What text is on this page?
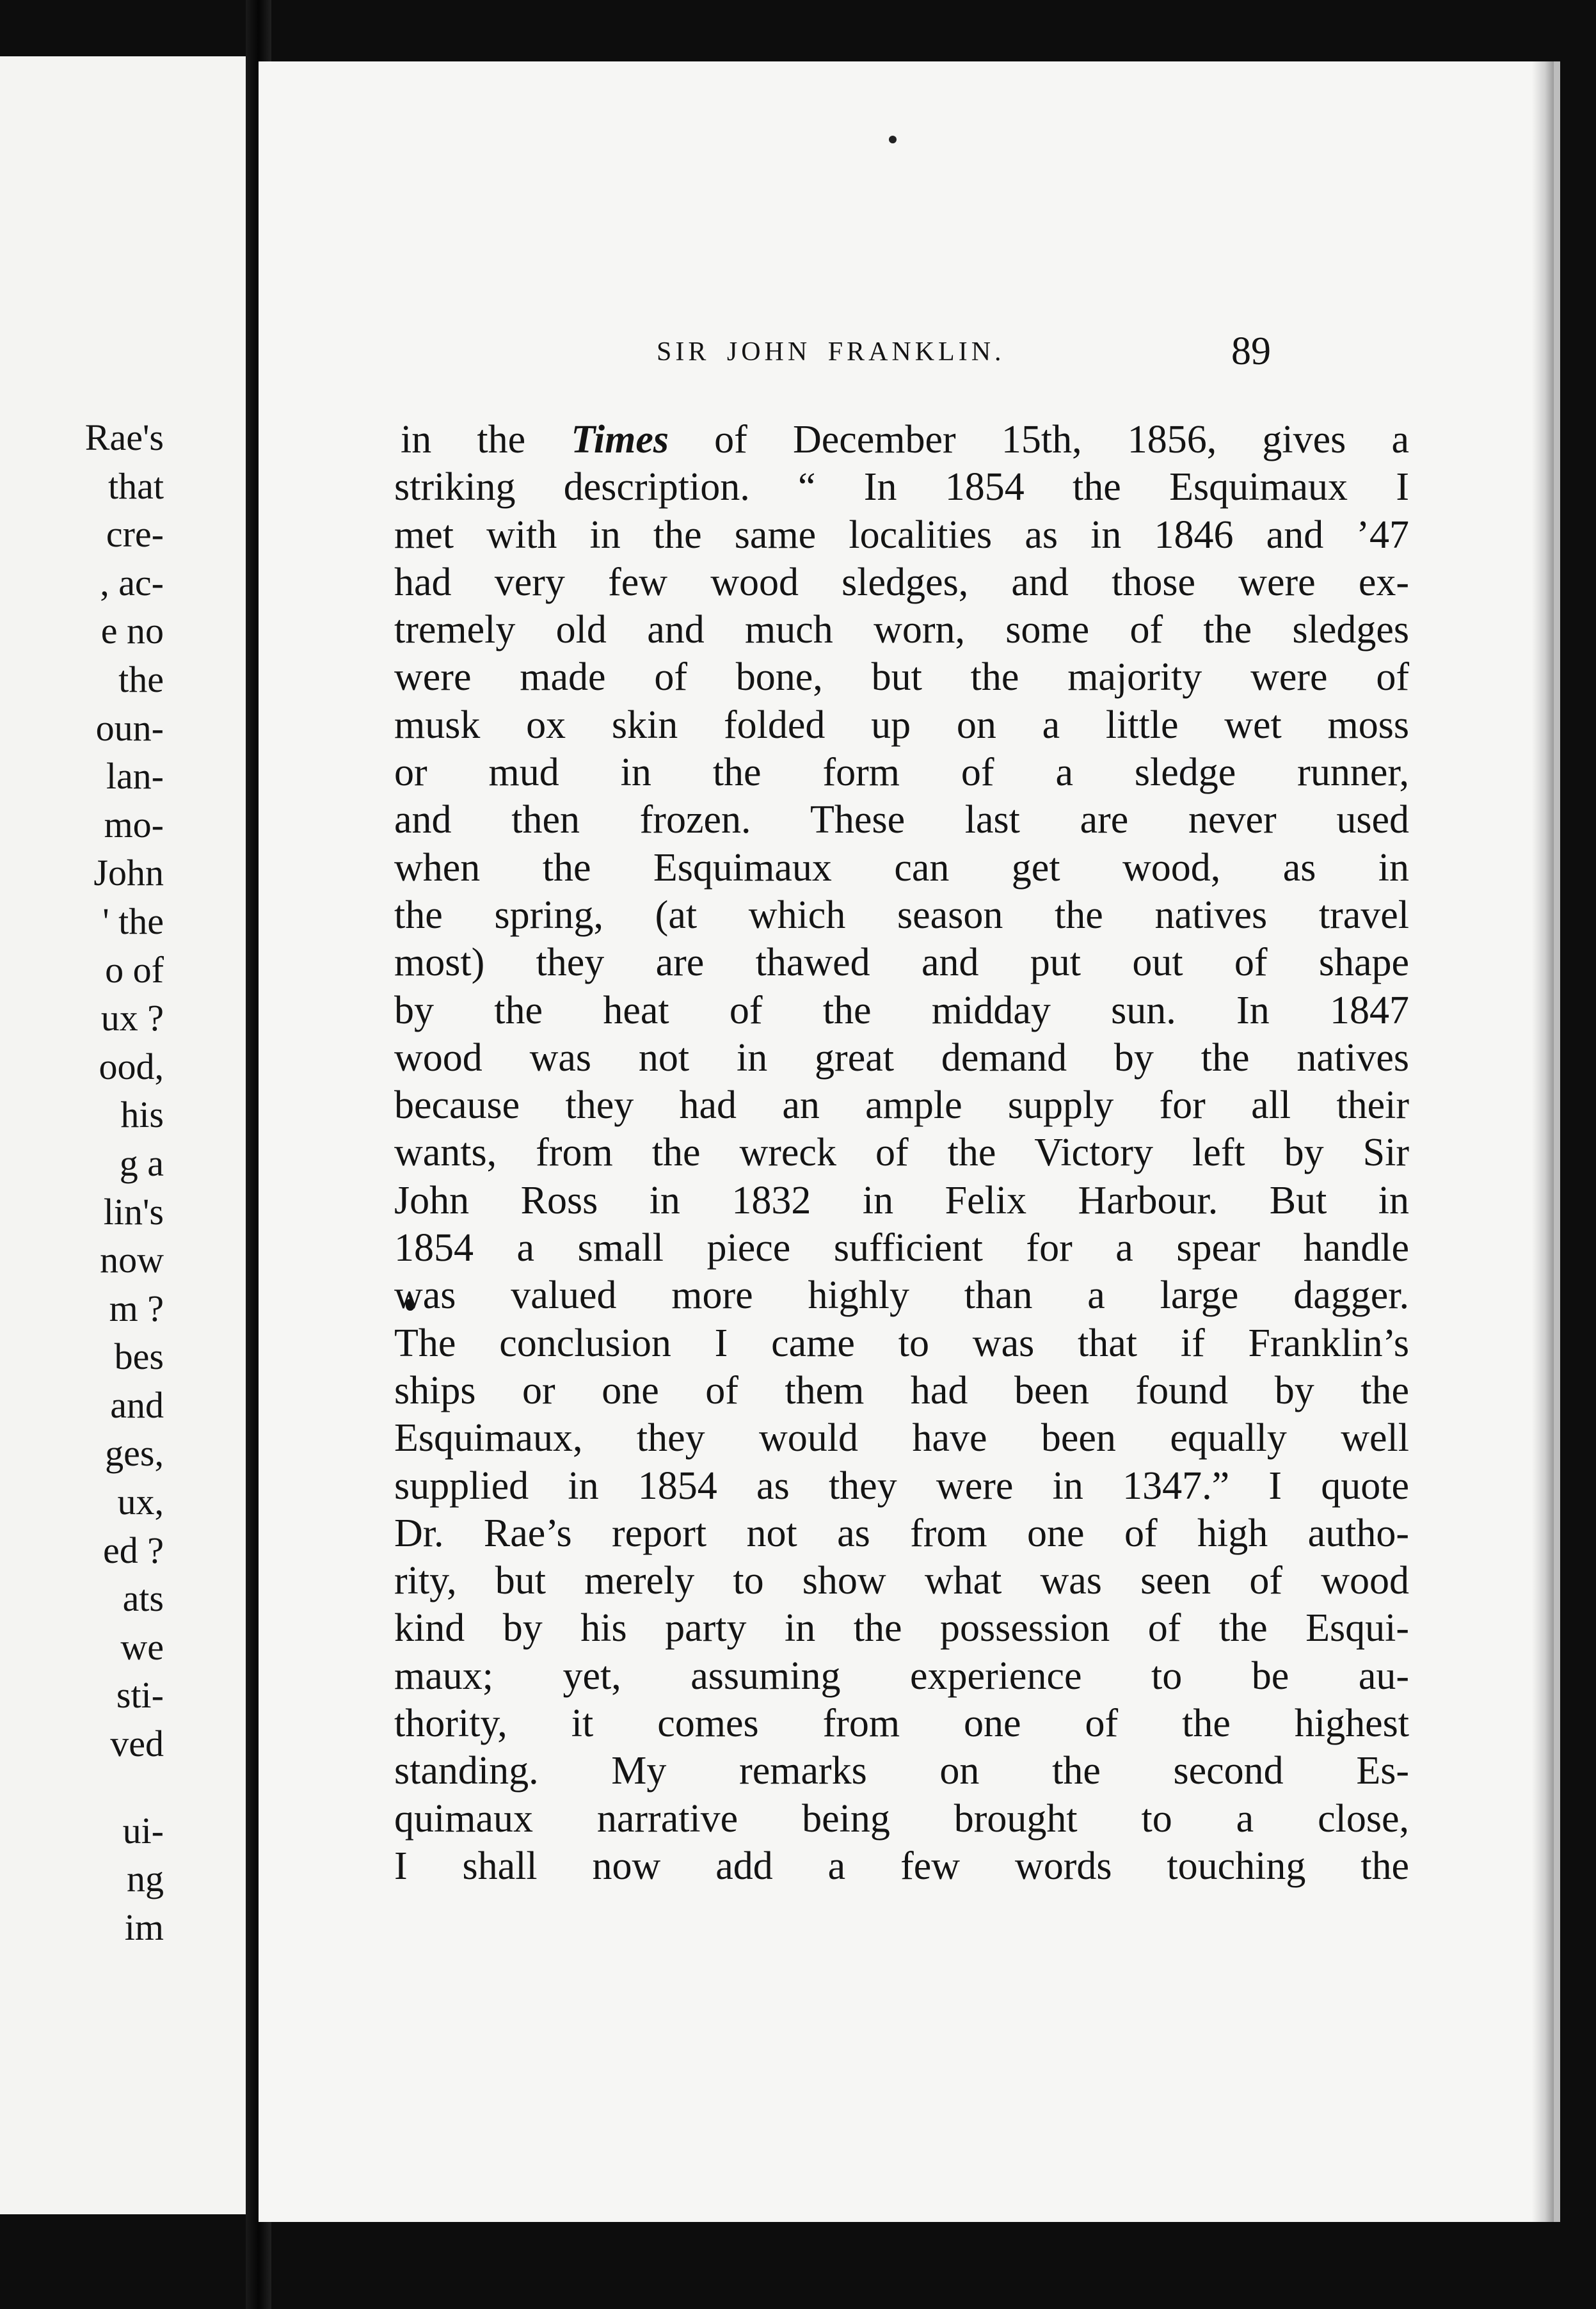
Rae's
that
cre-
, ac-
e no
the
oun-
lan-
mo-
John
' the
o of
ux ?
ood,
his
g a
lin's
now
m ?
bes
and
ges,
ux,
ed ?
ats
we
sti-
ved
ui-
ng
im
SIR JOHN FRANKLIN.	89
in the Times of December 15th, 1856, gives a
striking description. “ In 1854 the Esquimaux I
met with in the same localities as in 1846 and ’47
had very few wood sledges, and those were ex-
tremely old and much worn, some of the sledges
were made of bone, but the majority were of
musk ox skin folded up on a little wet moss
or mud in the form of a sledge runner,
and then frozen. These last are never used
when the Esquimaux can get wood, as in
the spring, (at which season the natives travel
most) they are thawed and put out of shape
by the heat of the midday sun. In 1847
wood was not in great demand by the natives
because they had an ample supply for all their
wants, from the wreck of the Victory left by Sir
John Ross in 1832 in Felix Harbour. But in
1854 a small piece sufficient for a spear handle
was valued more highly than a large dagger.
The conclusion I came to was that if Franklin’s
ships or one of them had been found by the
Esquimaux, they would have been equally well
supplied in 1854 as they were in 1347.” I quote
Dr. Rae’s report not as from one of high autho-
rity, but merely to show what was seen of wood
kind by his party in the possession of the Esqui-
maux; yet, assuming experience to be au-
thority, it comes from one of the highest
standing. My remarks on the second Es-
quimaux narrative being brought to a close,
I shall now add a few words touching the
